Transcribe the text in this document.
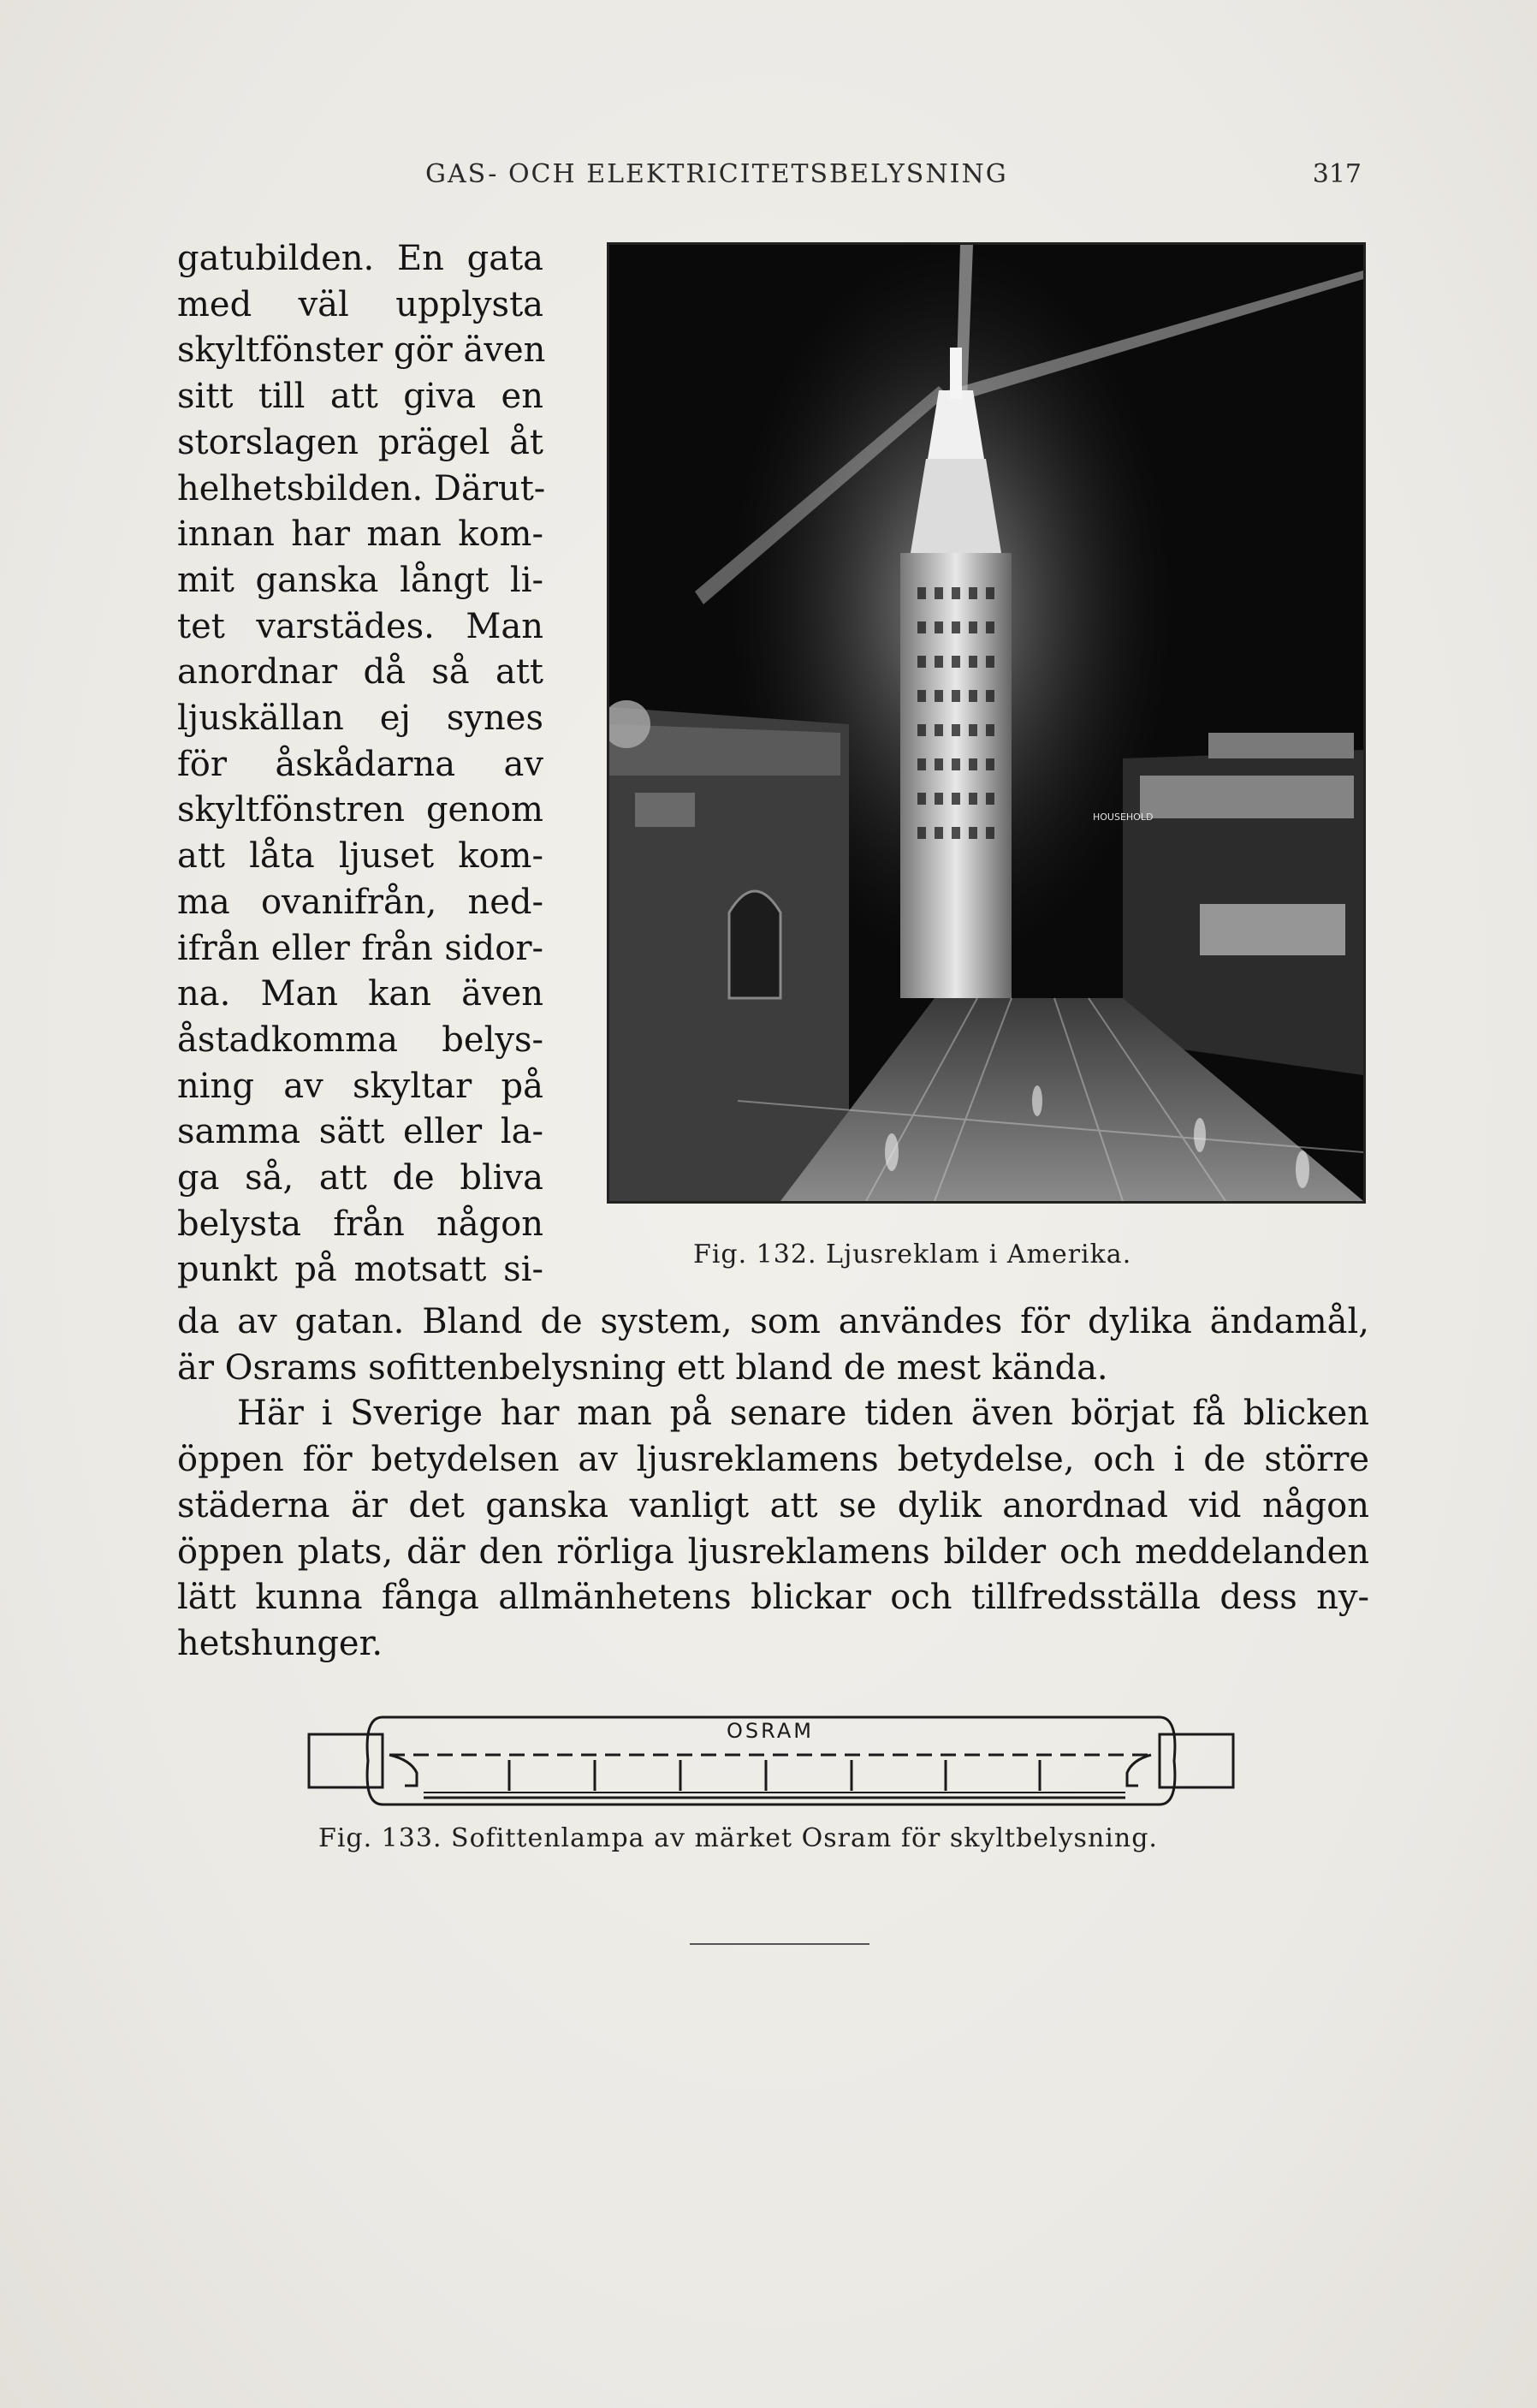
GAS- OCH ELEKTRICITETSBELYSNING	317
gatubilden. En gata
med väl upplysta
skyltfönster gör även
sitt till att giva en
storslagen prägel åt
helhetsbilden. Därut-
innan har man kom-
mit ganska långt li-
tet varstädes. Man
anordnar då så att
ljuskällan ej synes
för åskådarna av
skyltfönstren genom
att låta ljuset kom-
ma ovanifrån, ned-
ifrån eller från sidor-
na. Man kan även
åstadkomma belys-
ning av skyltar på
samma sätt eller la-
ga så, att de bliva
belysta från någon
punkt på motsatt si-
HOUSEHOLD
Fig. 132. Ljusreklam i Amerika.
da av gatan. Bland de system, som användes för dylika ändamål,
är Osrams sofittenbelysning ett bland de mest kända.
Här i Sverige har man på senare tiden även börjat få blicken
öppen för betydelsen av ljusreklamens betydelse, och i de större
städerna är det ganska vanligt att se dylik anordnad vid någon
öppen plats, där den rörliga ljusreklamens bilder och meddelanden
lätt kunna fånga allmänhetens blickar och tillfredsställa dess ny-
hetshunger.
OSRAM
Fig. 133. Sofittenlampa av märket Osram för skyltbelysning.
